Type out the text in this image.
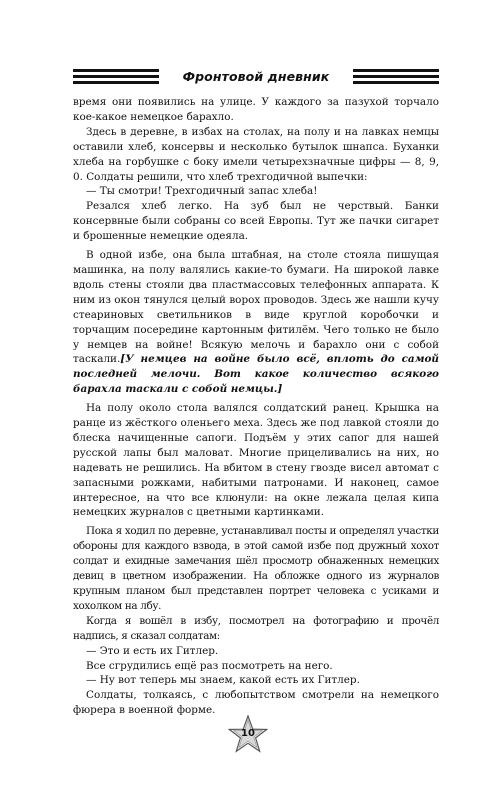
Фронтовой дневник

время они появились на улице. У каждого за пазухой торчало кое-какое немецкое барахло.

Здесь в деревне, в избах на столах, на полу и на лавках немцы оставили хлеб, консервы и несколько бутылок шнапса. Буханки хлеба на горбушке с боку имели четырехзначные цифры — 8, 9, 0. Солдаты решили, что хлеб трехгодичной выпечки:

— Ты смотри! Трехгодичный запас хлеба!

Резался хлеб легко. На зуб был не черствый. Банки консервные были собраны со всей Европы. Тут же пачки сигарет и брошенные немецкие одеяла.

В одной избе, она была штабная, на столе стояла пишущая машинка, на полу валялись какие-то бумаги. На широкой лавке вдоль стены стояли два пластмассовых телефонных аппарата. К ним из окон тянулся целый ворох проводов. Здесь же нашли кучу стеариновых светильников в виде круглой коробочки и торчащим посередине картонным фитилём. Чего только не было у немцев на войне! Всякую мелочь и барахло они с собой таскали.[У немцев на войне было всё, вплоть до самой последней мелочи. Вот какое количество всякого барахла таскали с собой немцы.]

На полу около стола валялся солдатский ранец. Крышка на ранце из жёсткого оленьего меха. Здесь же под лавкой стояли до блеска начищенные сапоги. Подъём у этих сапог для нашей русской лапы был маловат. Многие прицеливались на них, но надевать не решились. На вбитом в стену гвозде висел автомат с запасными рожками, набитыми патронами. И наконец, самое интересное, на что все клюнули: на окне лежала целая кипа немецких журналов с цветными картинками.

Пока я ходил по деревне, устанавливал посты и определял участки обороны для каждого взвода, в этой самой избе под дружный хохот солдат и ехидные замечания шёл просмотр обнаженных немецких девиц в цветном изображении. На обложке одного из журналов крупным планом был представлен портрет человека с усиками и хохолком на лбу.

Когда я вошёл в избу, посмотрел на фотографию и прочёл надпись, я сказал солдатам:

— Это и есть их Гитлер.

Все сгрудились ещё раз посмотреть на него.

— Ну вот теперь мы знаем, какой есть их Гитлер.

Солдаты, толкаясь, с любопытством смотрели на немецкого фюрера в военной форме.

10
